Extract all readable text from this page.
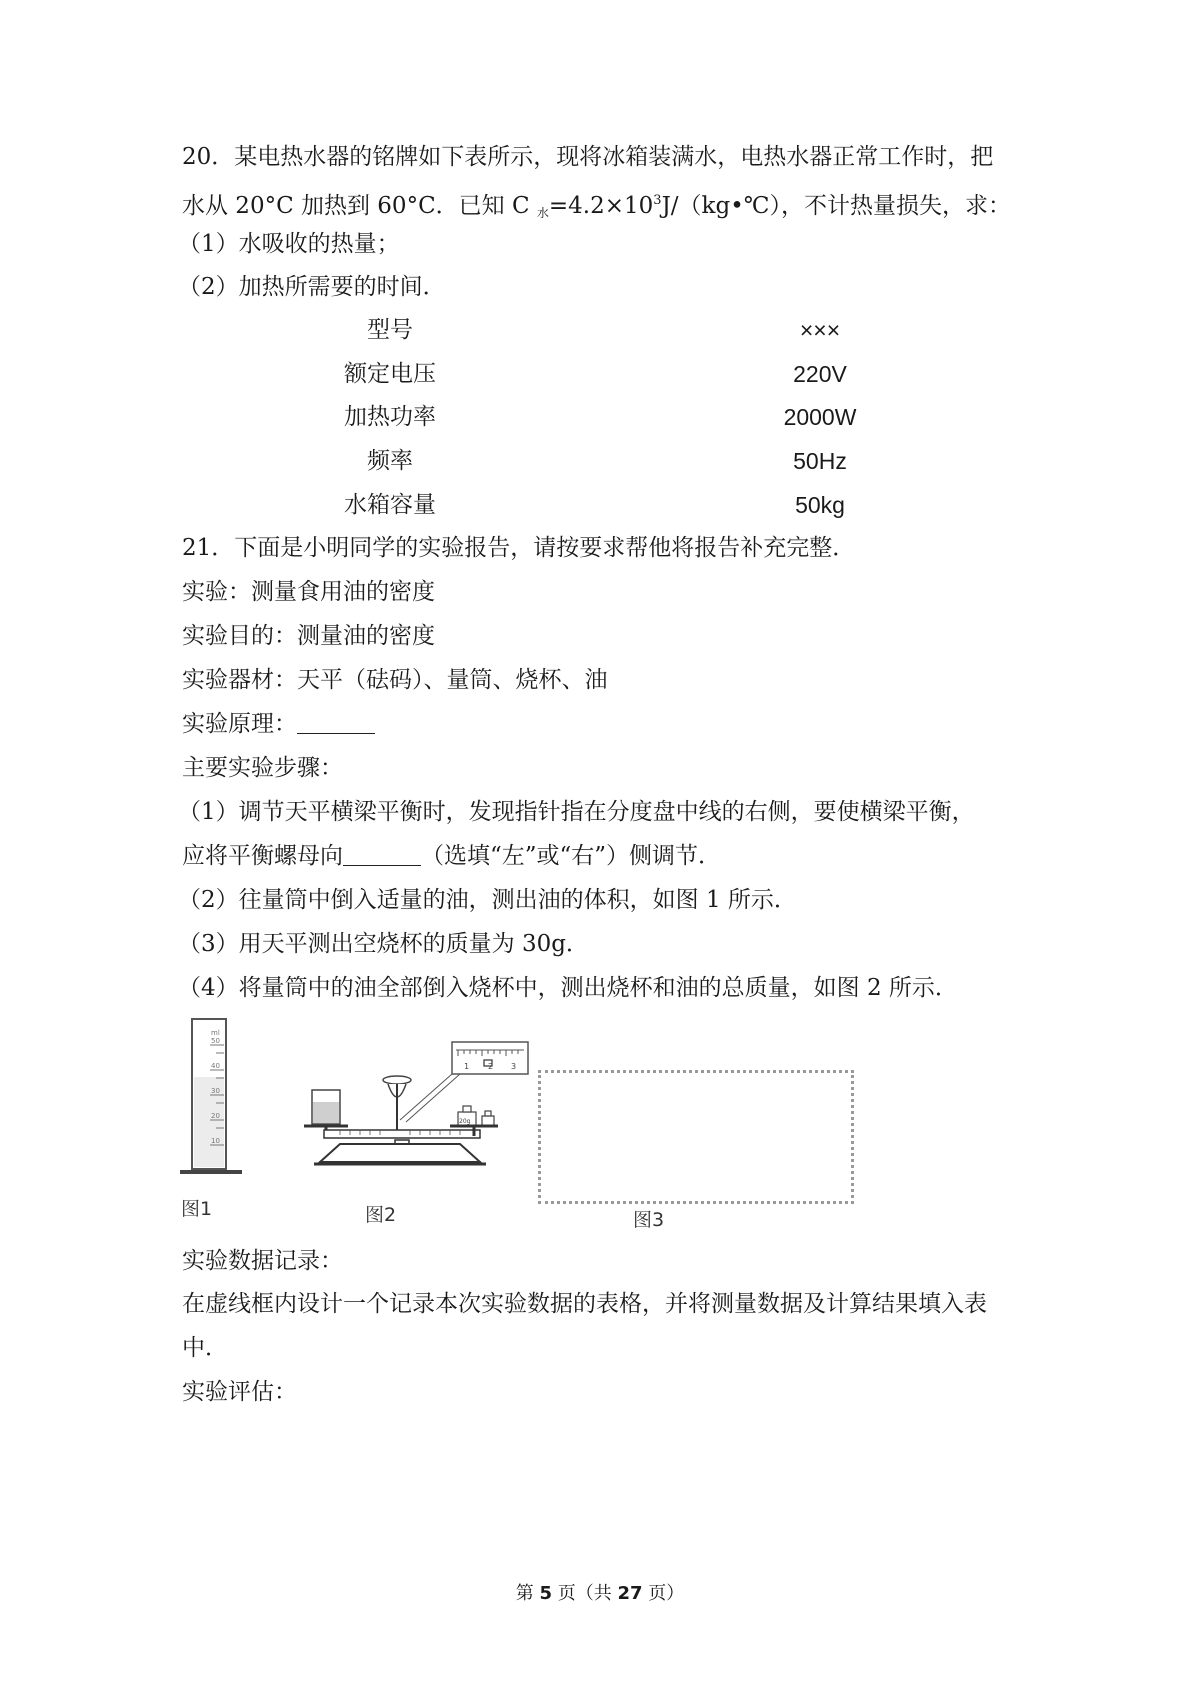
20．某电热水器的铭牌如下表所示，现将冰箱装满水，电热水器正常工作时，把
水从 20°C 加热到 60°C．已知 C $_水=4.2\times 10^3J/(kg•℃)$，不计热量损失，求：
（1）水吸收的热量；
（2）加热所需要的时间．
型号	×××
额定电压	220V
加热功率	2000W
频率	50Hz
水箱容量	50kg
21．下面是小明同学的实验报告，请按要求帮他将报告补充完整．
实验：测量食用油的密度
实验目的：测量油的密度
实验器材：天平（砝码）、量筒、烧杯、油
实验原理：
主要实验步骤：
（1）调节天平横梁平衡时，发现指针指在分度盘中线的右侧，要使横梁平衡，
应将平衡螺母向	（选填“左”或“右”）侧调节．
（2）往量筒中倒入适量的油，测出油的体积，如图 1 所示．
（3）用天平测出空烧杯的质量为 30g．
（4）将量筒中的油全部倒入烧杯中，测出烧杯和油的总质量，如图 2 所示．
ml
50
40
30
20
10
图1
1 2 3
20g
图2	图3
实验数据记录：
在虚线框内设计一个记录本次实验数据的表格，并将测量数据及计算结果填入表
中．
实验评估：
第 5 页（共 27 页）
